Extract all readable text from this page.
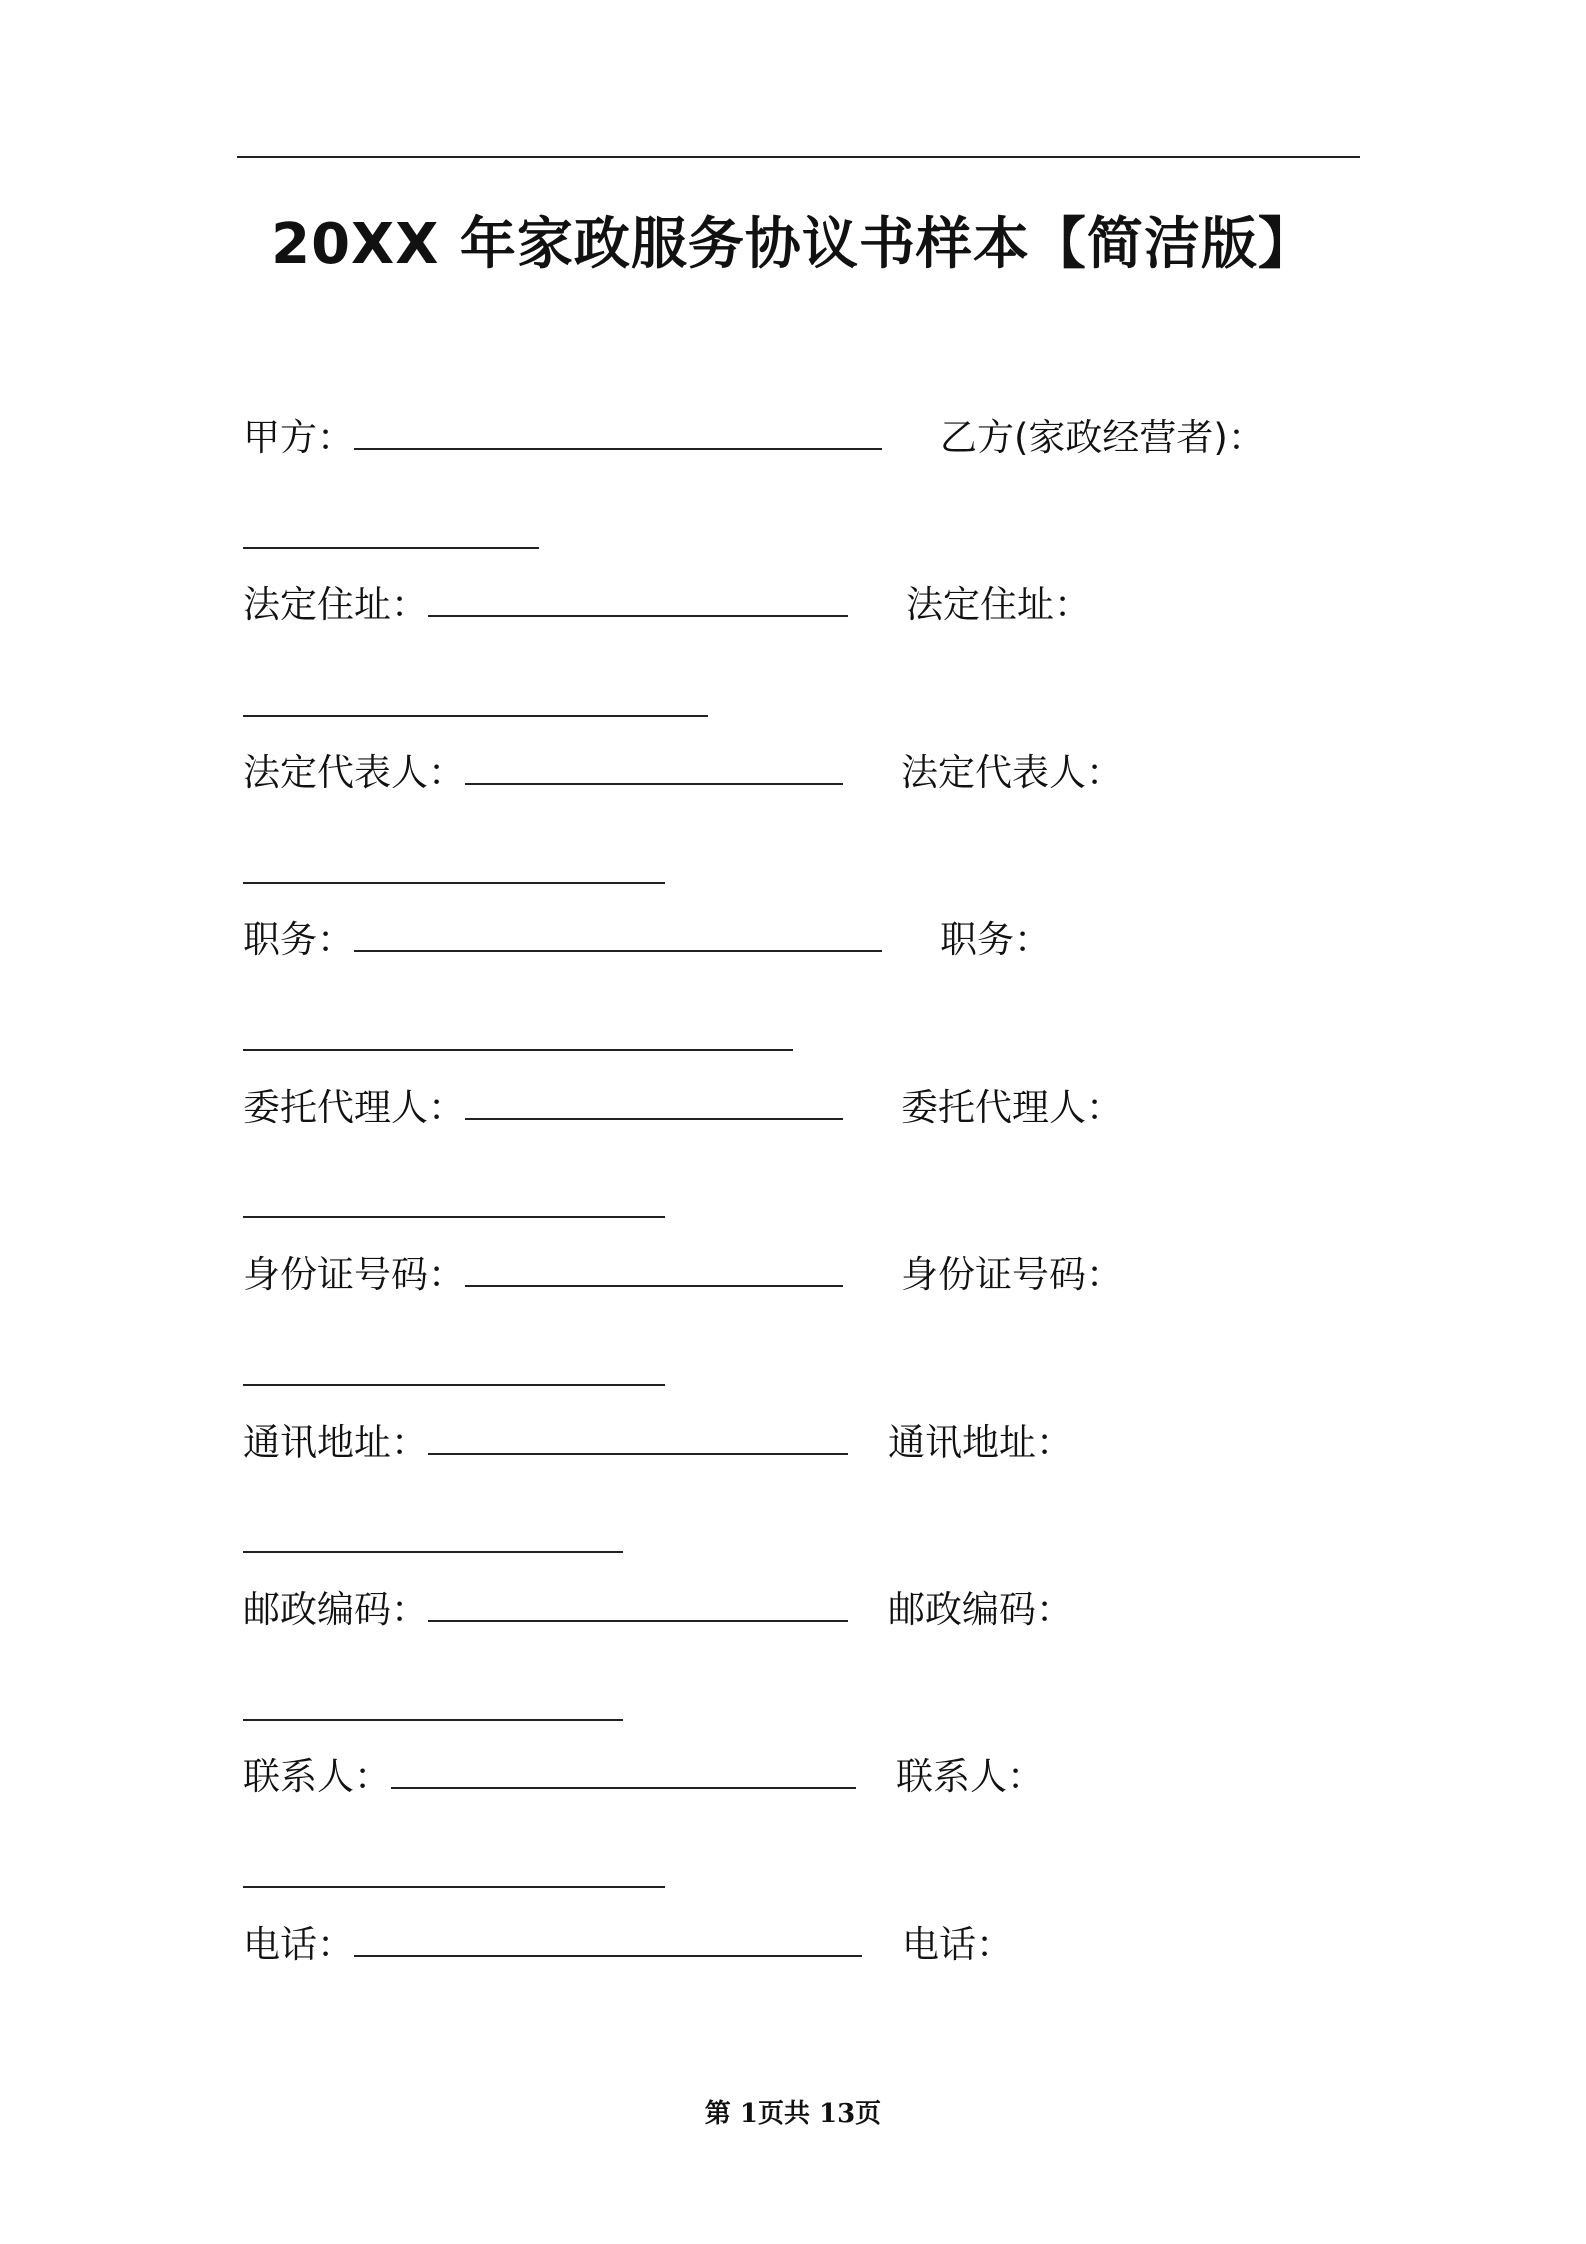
20XX 年家政服务协议书样本【简洁版】
甲方：	乙方(家政经营者)：
法定住址：	法定住址：
法定代表人：	法定代表人：
职务：	职务：
委托代理人：	委托代理人：
身份证号码：	身份证号码：
通讯地址：	通讯地址：
邮政编码：	邮政编码：
联系人：	联系人：
电话：	电话：
第 1页共 13页
